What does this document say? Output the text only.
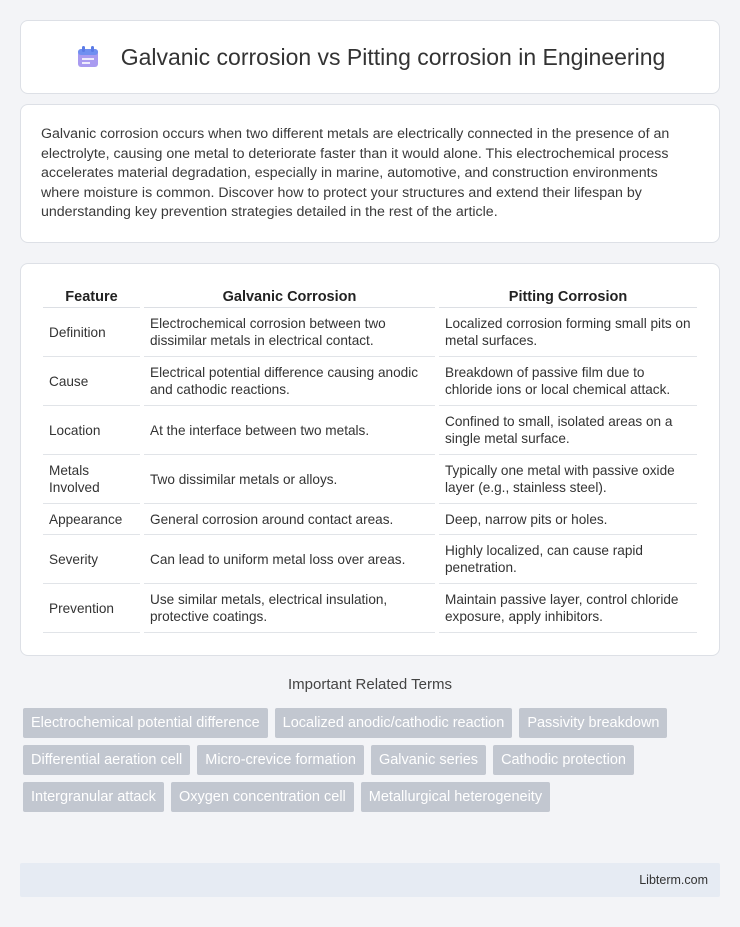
Galvanic corrosion vs Pitting corrosion in Engineering

Galvanic corrosion occurs when two different metals are electrically connected in the presence of an electrolyte, causing one metal to deteriorate faster than it would alone. This electrochemical process accelerates material degradation, especially in marine, automotive, and construction environments where moisture is common. Discover how to protect your structures and extend their lifespan by understanding key prevention strategies detailed in the rest of the article.

Feature	Galvanic Corrosion	Pitting Corrosion
Definition	Electrochemical corrosion between two dissimilar metals in electrical contact.	Localized corrosion forming small pits on metal surfaces.
Cause	Electrical potential difference causing anodic and cathodic reactions.	Breakdown of passive film due to chloride ions or local chemical attack.
Location	At the interface between two metals.	Confined to small, isolated areas on a single metal surface.
Metals Involved	Two dissimilar metals or alloys.	Typically one metal with passive oxide layer (e.g., stainless steel).
Appearance	General corrosion around contact areas.	Deep, narrow pits or holes.
Severity	Can lead to uniform metal loss over areas.	Highly localized, can cause rapid penetration.
Prevention	Use similar metals, electrical insulation, protective coatings.	Maintain passive layer, control chloride exposure, apply inhibitors.
Important Related Terms
Electrochemical potential difference	Localized anodic/cathodic reaction	Passivity breakdown
Differential aeration cell	Micro-crevice formation	Galvanic series	Cathodic protection
Intergranular attack	Oxygen concentration cell	Metallurgical heterogeneity
Libterm.com
